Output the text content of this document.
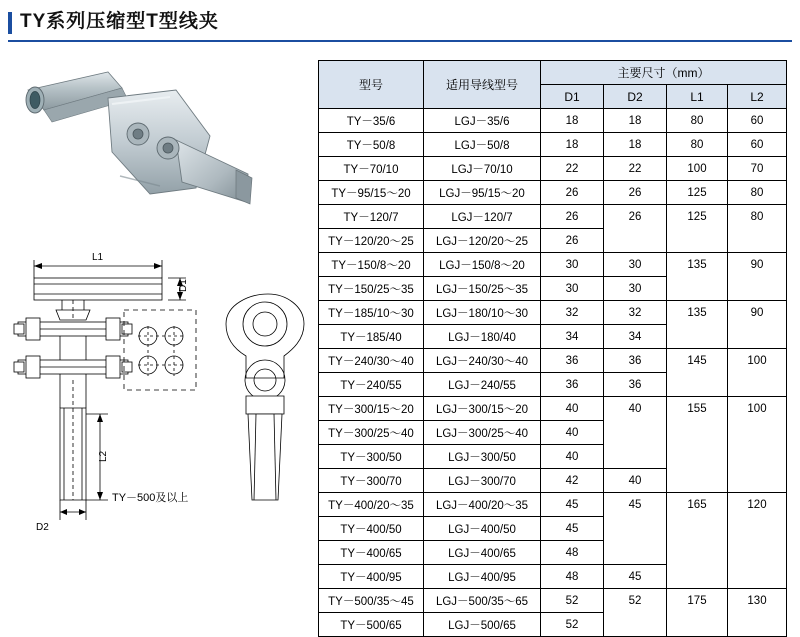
TY系列压缩型T型线夹
L1
D1
L2
D2
TY－500及以上
型号	适用导线型号	主要尺寸（mm）			
		D1	D2	L1	L2
TY－35/6	LGJ－35/6	18	18	80	60
TY－50/8	LGJ－50/8	18	18	80	60
TY－70/10	LGJ－70/10	22	22	100	70
TY－95/15～20	LGJ－95/15～20	26	26	125	80
TY－120/7	LGJ－120/7	26	26	125	80
TY－120/20～25	LGJ－120/20～25	26			
TY－150/8～20	LGJ－150/8～20	30	30	135	90
TY－150/25～35	LGJ－150/25～35	30	30		
TY－185/10～30	LGJ－180/10～30	32	32	135	90
TY－185/40	LGJ－180/40	34	34		
TY－240/30～40	LGJ－240/30～40	36	36	145	100
TY－240/55	LGJ－240/55	36	36		
TY－300/15～20	LGJ－300/15～20	40	40	155	100
TY－300/25～40	LGJ－300/25～40	40			
TY－300/50	LGJ－300/50	40			
TY－300/70	LGJ－300/70	42	40		
TY－400/20～35	LGJ－400/20～35	45	45	165	120
TY－400/50	LGJ－400/50	45			
TY－400/65	LGJ－400/65	48			
TY－400/95	LGJ－400/95	48	45		
TY－500/35～45	LGJ－500/35～65	52	52	175	130
TY－500/65	LGJ－500/65	52			
